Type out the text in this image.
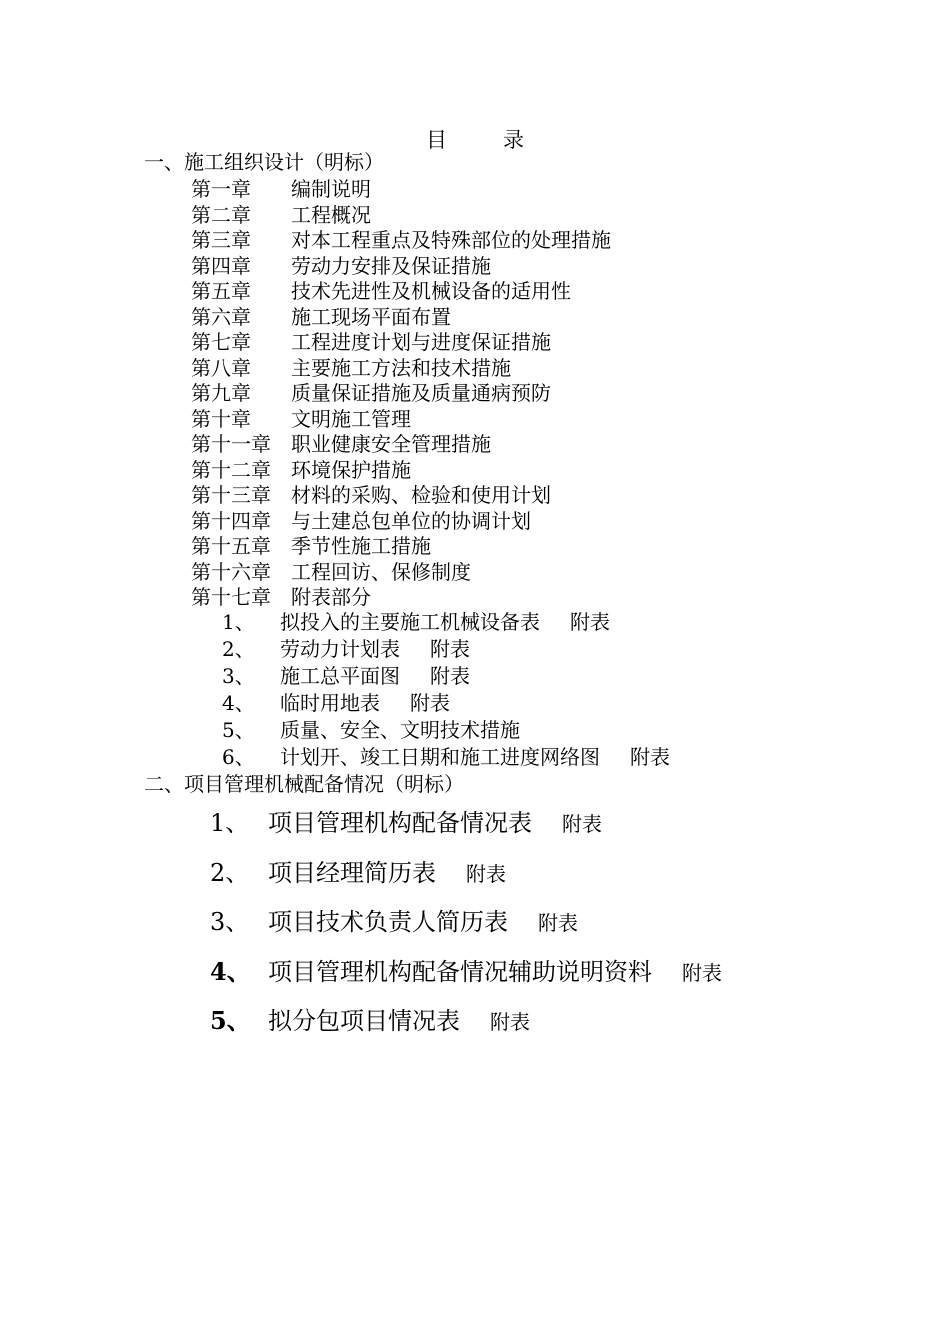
目	录
一、施工组织设计（明标）
第一章 编制说明
第二章 工程概况
第三章 对本工程重点及特殊部位的处理措施
第四章 劳动力安排及保证措施
第五章 技术先进性及机械设备的适用性
第六章 施工现场平面布置
第七章 工程进度计划与进度保证措施
第八章 主要施工方法和技术措施
第九章 质量保证措施及质量通病预防
第十章 文明施工管理
第十一章 职业健康安全管理措施
第十二章 环境保护措施
第十三章 材料的采购、检验和使用计划
第十四章 与土建总包单位的协调计划
第十五章 季节性施工措施
第十六章 工程回访、保修制度
第十七章 附表部分
1、 拟投入的主要施工机械设备表 附表
2、 劳动力计划表 附表
3、 施工总平面图 附表
4、 临时用地表 附表
5、 质量、安全、文明技术措施
6、 计划开、竣工日期和施工进度网络图 附表
二、项目管理机械配备情况（明标）
1、 项目管理机构配备情况表 附表
2、 项目经理简历表 附表
3、 项目技术负责人简历表 附表
4、 项目管理机构配备情况辅助说明资料 附表
5、 拟分包项目情况表 附表
